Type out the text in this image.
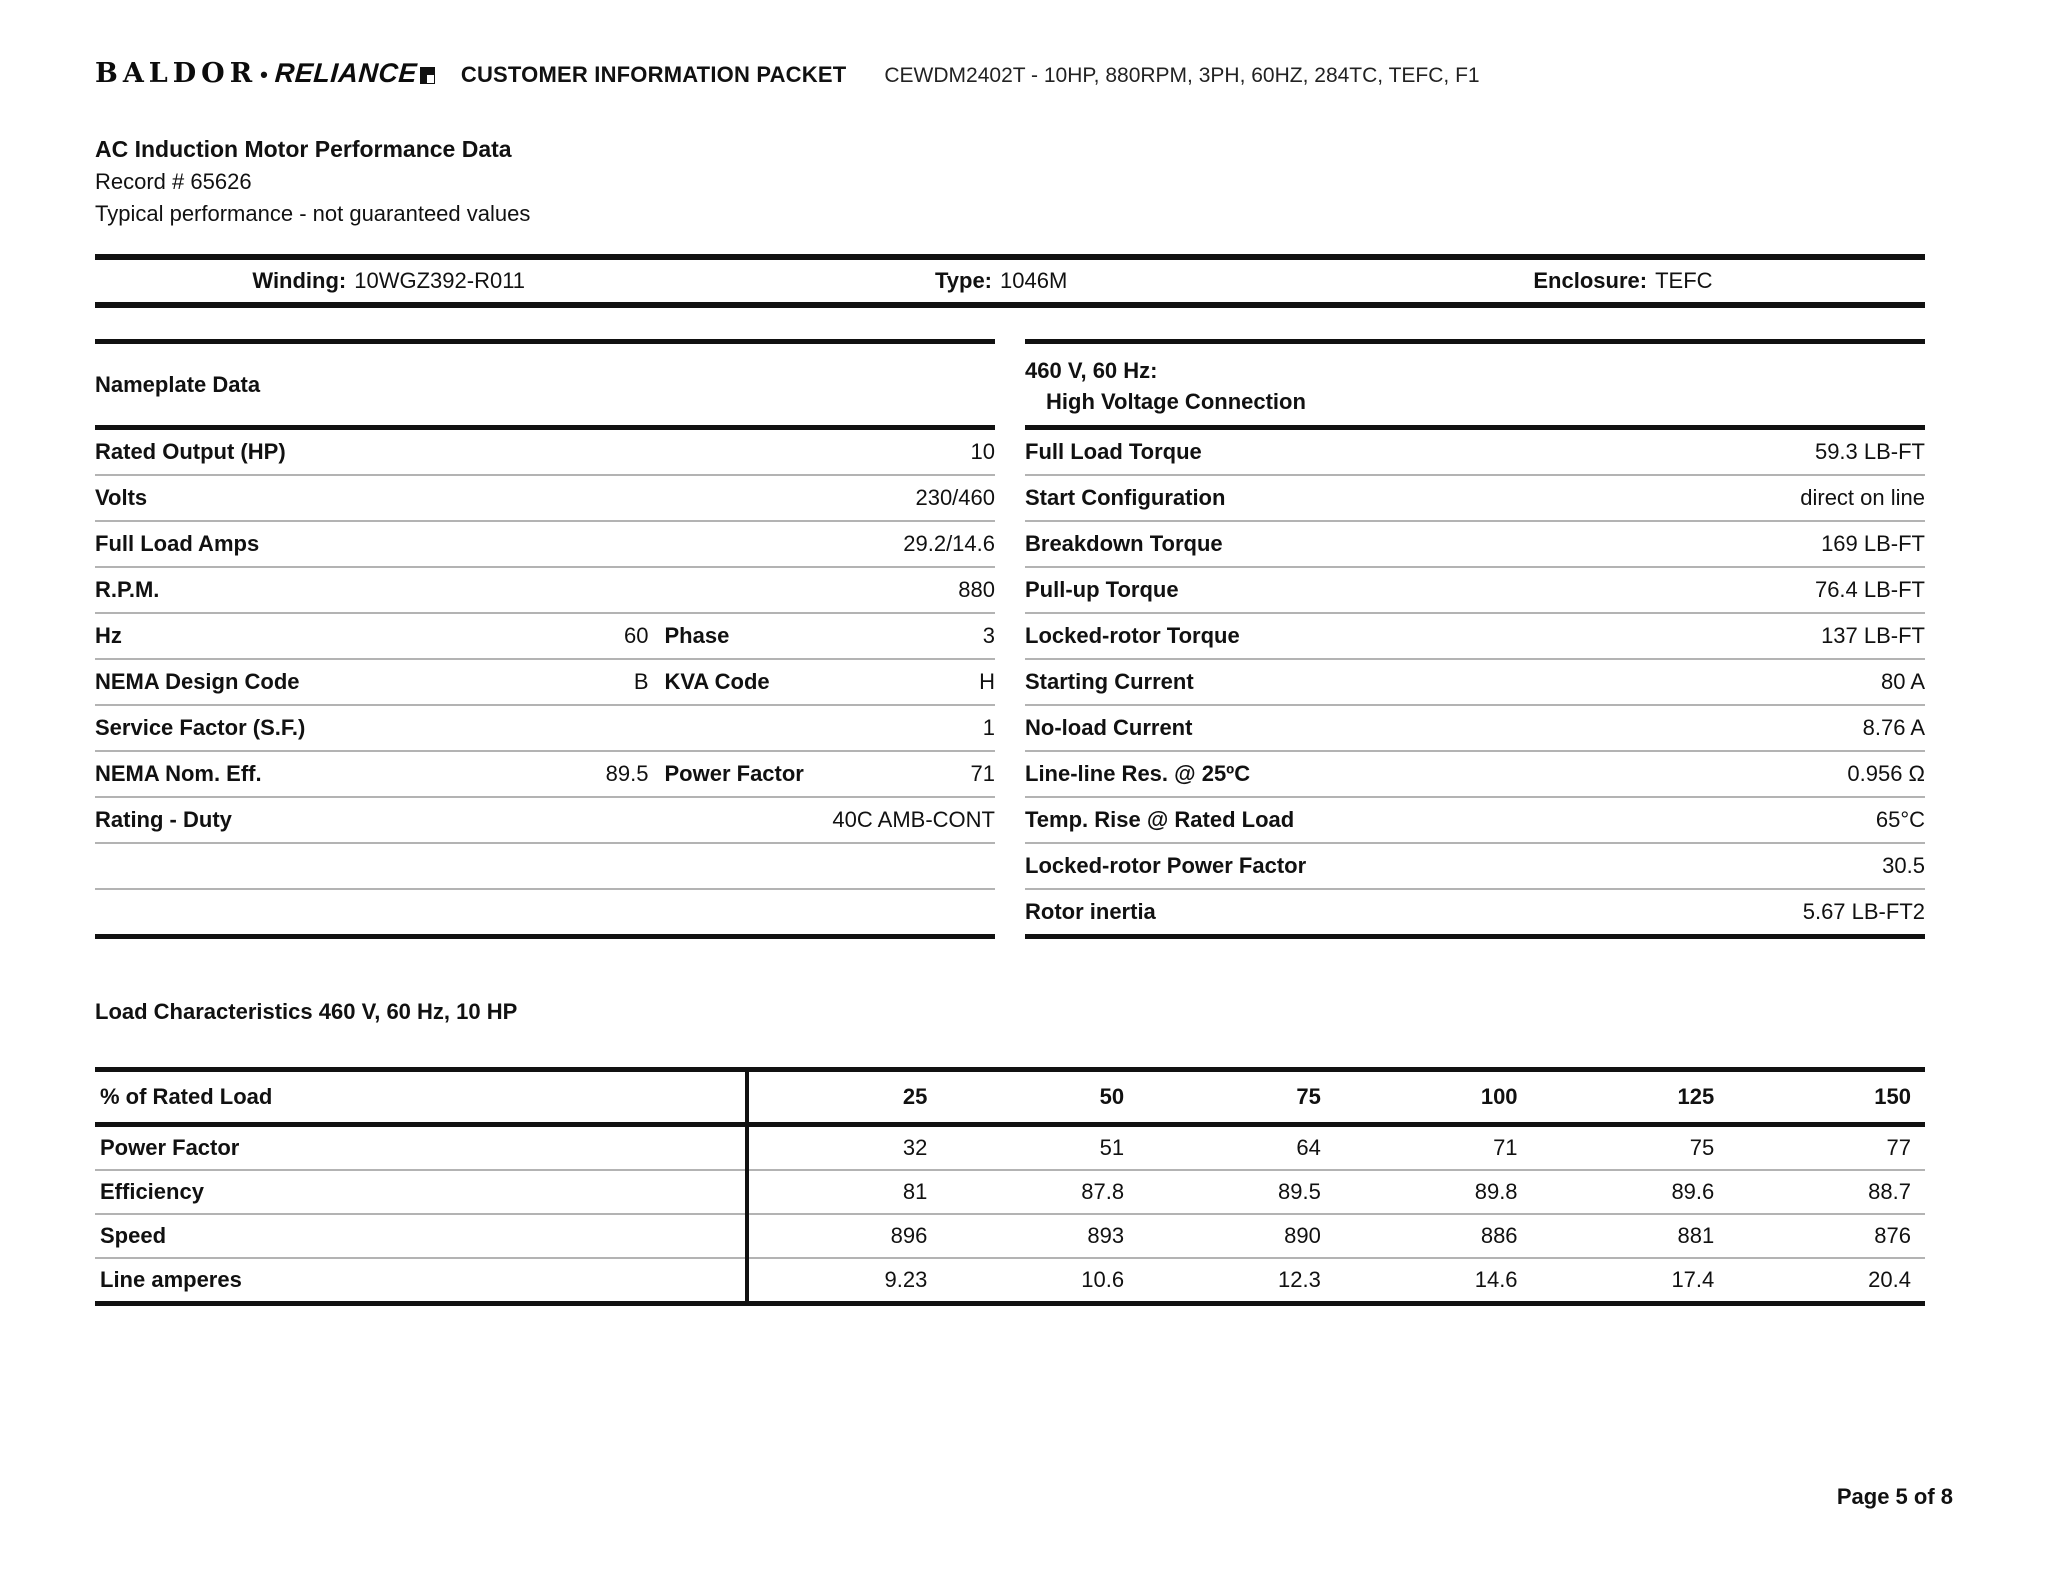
BALDOR • RELIANCE CUSTOMER INFORMATION PACKET CEWDM2402T - 10HP, 880RPM, 3PH, 60HZ, 284TC, TEFC, F1
AC Induction Motor Performance Data
Record # 65626
Typical performance - not guaranteed values
Winding: 10WGZ392-R011	Type: 1046M	Enclosure: TEFC
Nameplate Data
Rated Output (HP)	10
Volts	230/460
Full Load Amps	29.2/14.6
R.P.M.	880
Hz	60 Phase	3
NEMA Design Code	B KVA Code	H
Service Factor (S.F.)	1
NEMA Nom. Eff.	89.5 Power Factor	71
Rating - Duty	40C AMB-CONT
460 V, 60 Hz:
High Voltage Connection
Full Load Torque	59.3 LB-FT
Start Configuration	direct on line
Breakdown Torque	169 LB-FT
Pull-up Torque	76.4 LB-FT
Locked-rotor Torque	137 LB-FT
Starting Current	80 A
No-load Current	8.76 A
Line-line Res. @ 25ºC	0.956 Ω
Temp. Rise @ Rated Load	65°C
Locked-rotor Power Factor	30.5
Rotor inertia	5.67 LB-FT2
Load Characteristics 460 V, 60 Hz, 10 HP
% of Rated Load	25	50	75	100	125	150
Power Factor	32	51	64	71	75	77
Efficiency	81	87.8	89.5	89.8	89.6	88.7
Speed	896	893	890	886	881	876
Line amperes	9.23	10.6	12.3	14.6	17.4	20.4
Page 5 of 8
